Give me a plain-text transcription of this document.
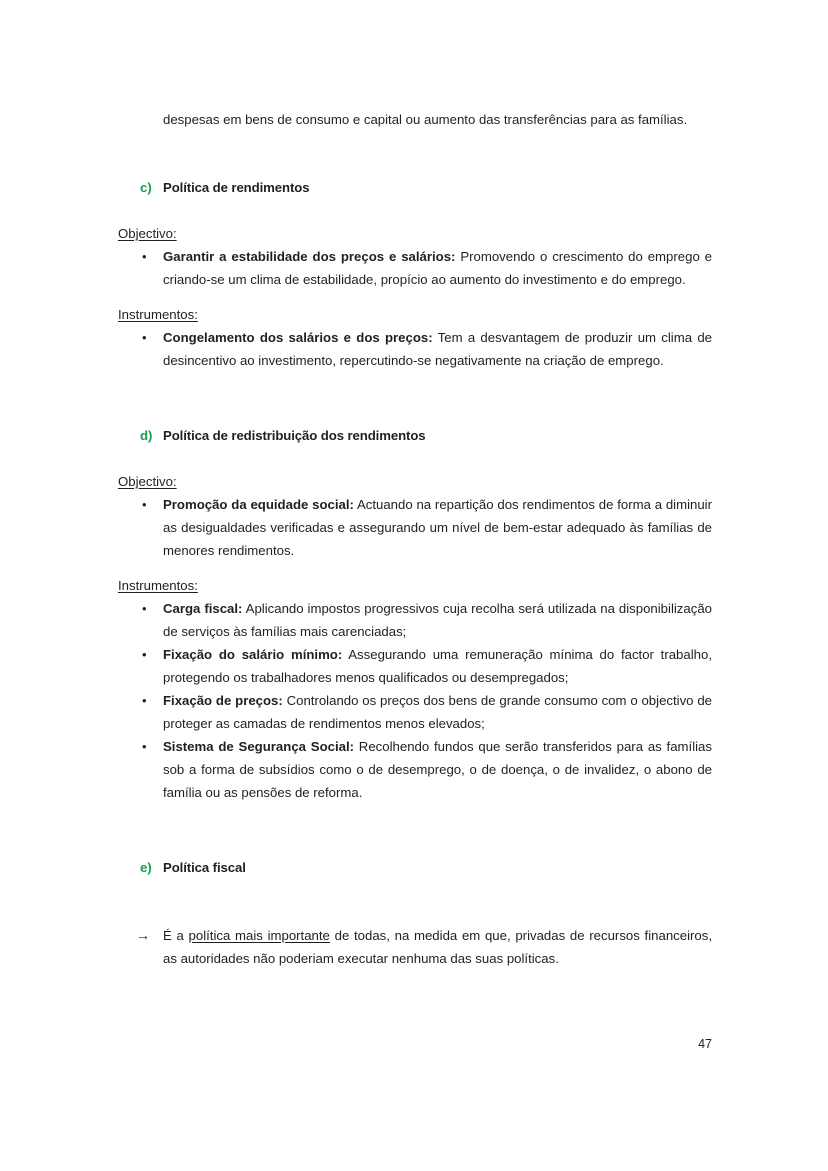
despesas em bens de consumo e capital ou aumento das transferências para as famílias.

c) Política de rendimentos

Objectivo:

• Garantir a estabilidade dos preços e salários: Promovendo o crescimento do emprego e criando-se um clima de estabilidade, propício ao aumento do investimento e do emprego.

Instrumentos:

• Congelamento dos salários e dos preços: Tem a desvantagem de produzir um clima de desincentivo ao investimento, repercutindo-se negativamente na criação de emprego.
d) Política de redistribuição dos rendimentos

Objectivo:

• Promoção da equidade social: Actuando na repartição dos rendimentos de forma a diminuir as desigualdades verificadas e assegurando um nível de bem-estar adequado às famílias de menores rendimentos.

Instrumentos:

• Carga fiscal: Aplicando impostos progressivos cuja recolha será utilizada na disponibilização de serviços às famílias mais carenciadas;
• Fixação do salário mínimo: Assegurando uma remuneração mínima do factor trabalho, protegendo os trabalhadores menos qualificados ou desempregados;
• Fixação de preços: Controlando os preços dos bens de grande consumo com o objectivo de proteger as camadas de rendimentos menos elevados;
• Sistema de Segurança Social: Recolhendo fundos que serão transferidos para as famílias sob a forma de subsídios como o de desemprego, o de doença, o de invalidez, o abono de família ou as pensões de reforma.
e) Política fiscal

→ É a política mais importante de todas, na medida em que, privadas de recursos financeiros, as autoridades não poderiam executar nenhuma das suas políticas.

47
